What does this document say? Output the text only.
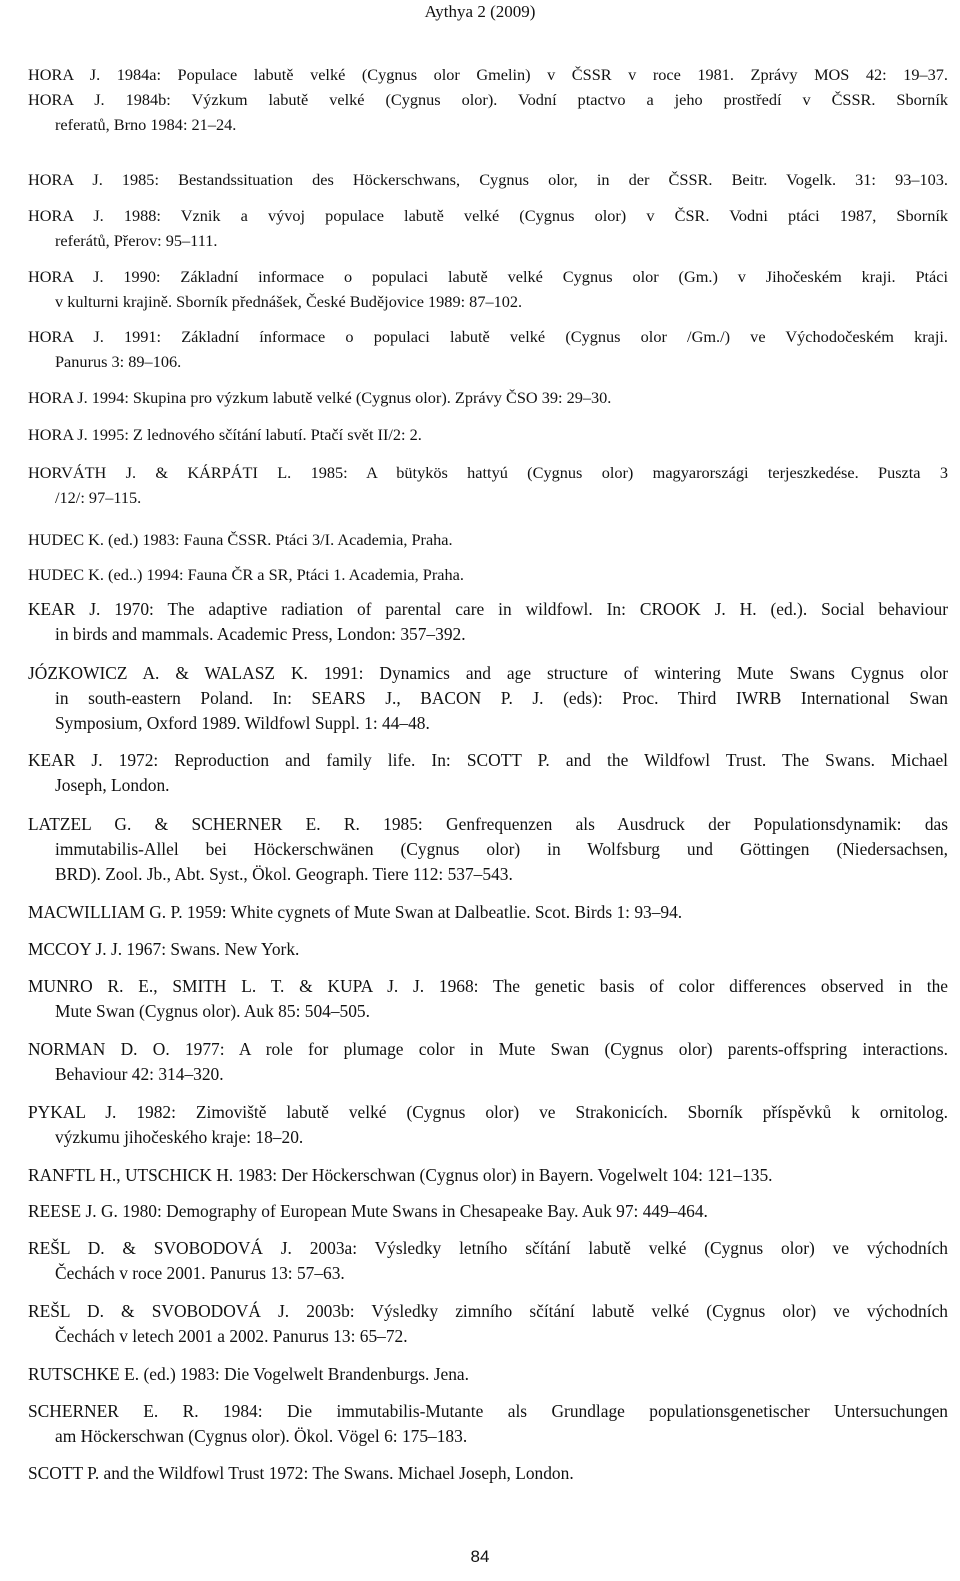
Aythya 2 (2009)
HORA J. 1984a: Populace labutě velké (Cygnus olor Gmelin) v ČSSR v roce 1981. Zprávy MOS 42: 19–37.
HORA J. 1984b: Výzkum labutě velké (Cygnus olor). Vodní ptactvo a jeho prostředí v ČSSR. Sborník
referatů, Brno 1984: 21–24.
HORA J. 1985: Bestandssituation des Höckerschwans, Cygnus olor, in der ČSSR. Beitr. Vogelk. 31: 93–103.
HORA J. 1988: Vznik a vývoj populace labutě velké (Cygnus olor) v ČSR. Vodni ptáci 1987, Sborník
referátů, Přerov: 95–111.
HORA J. 1990: Základní informace o populaci labutě velké Cygnus olor (Gm.) v Jihočeském kraji. Ptáci
v kulturni krajině. Sborník přednášek, České Budějovice 1989: 87–102.
HORA J. 1991: Základní ínformace o populaci labutě velké (Cygnus olor /Gm./) ve Východočeském kraji.
Panurus 3: 89–106.
HORA J. 1994: Skupina pro výzkum labutě velké (Cygnus olor). Zprávy ČSO 39: 29–30.
HORA J. 1995: Z lednového sčítání labutí. Ptačí svět II/2: 2.
HORVÁTH J. & KÁRPÁTI L. 1985: A bütykös hattyú (Cygnus olor) magyarországi terjeszkedése. Puszta 3
/12/: 97–115.
HUDEC K. (ed.) 1983: Fauna ČSSR. Ptáci 3/I. Academia, Praha.
HUDEC K. (ed..) 1994: Fauna ČR a SR, Ptáci 1. Academia, Praha.
KEAR J. 1970: The adaptive radiation of parental care in wildfowl. In: CROOK J. H. (ed.). Social behaviour
in birds and mammals. Academic Press, London: 357–392.
JÓZKOWICZ A. & WALASZ K. 1991: Dynamics and age structure of wintering Mute Swans Cygnus olor
in south-eastern Poland. In: SEARS J., BACON P. J. (eds): Proc. Third IWRB International Swan
Symposium, Oxford 1989. Wildfowl Suppl. 1: 44–48.
KEAR J. 1972: Reproduction and family life. In: SCOTT P. and the Wildfowl Trust. The Swans. Michael
Joseph, London.
LATZEL G. & SCHERNER E. R. 1985: Genfrequenzen als Ausdruck der Populationsdynamik: das
immutabilis-Allel bei Höckerschwänen (Cygnus olor) in Wolfsburg und Göttingen (Niedersachsen,
BRD). Zool. Jb., Abt. Syst., Ökol. Geograph. Tiere 112: 537–543.
MACWILLIAM G. P. 1959: White cygnets of Mute Swan at Dalbeatlie. Scot. Birds 1: 93–94.
MCCOY J. J. 1967: Swans. New York.
MUNRO R. E., SMITH L. T. & KUPA J. J. 1968: The genetic basis of color differences observed in the
Mute Swan (Cygnus olor). Auk 85: 504–505.
NORMAN D. O. 1977: A role for plumage color in Mute Swan (Cygnus olor) parents-offspring interactions.
Behaviour 42: 314–320.
PYKAL J. 1982: Zimoviště labutě velké (Cygnus olor) ve Strakonicích. Sborník příspěvků k ornitolog.
výzkumu jihočeského kraje: 18–20.
RANFTL H., UTSCHICK H. 1983: Der Höckerschwan (Cygnus olor) in Bayern. Vogelwelt 104: 121–135.
REESE J. G. 1980: Demography of European Mute Swans in Chesapeake Bay. Auk 97: 449–464.
REŠL D. & SVOBODOVÁ J. 2003a: Výsledky letního sčítání labutě velké (Cygnus olor) ve východních
Čechách v roce 2001. Panurus 13: 57–63.
REŠL D. & SVOBODOVÁ J. 2003b: Výsledky zimního sčítání labutě velké (Cygnus olor) ve východních
Čechách v letech 2001 a 2002. Panurus 13: 65–72.
RUTSCHKE E. (ed.) 1983: Die Vogelwelt Brandenburgs. Jena.
SCHERNER E. R. 1984: Die immutabilis-Mutante als Grundlage populationsgenetischer Untersuchungen
am Höckerschwan (Cygnus olor). Ökol. Vögel 6: 175–183.
SCOTT P. and the Wildfowl Trust 1972: The Swans. Michael Joseph, London.
84
